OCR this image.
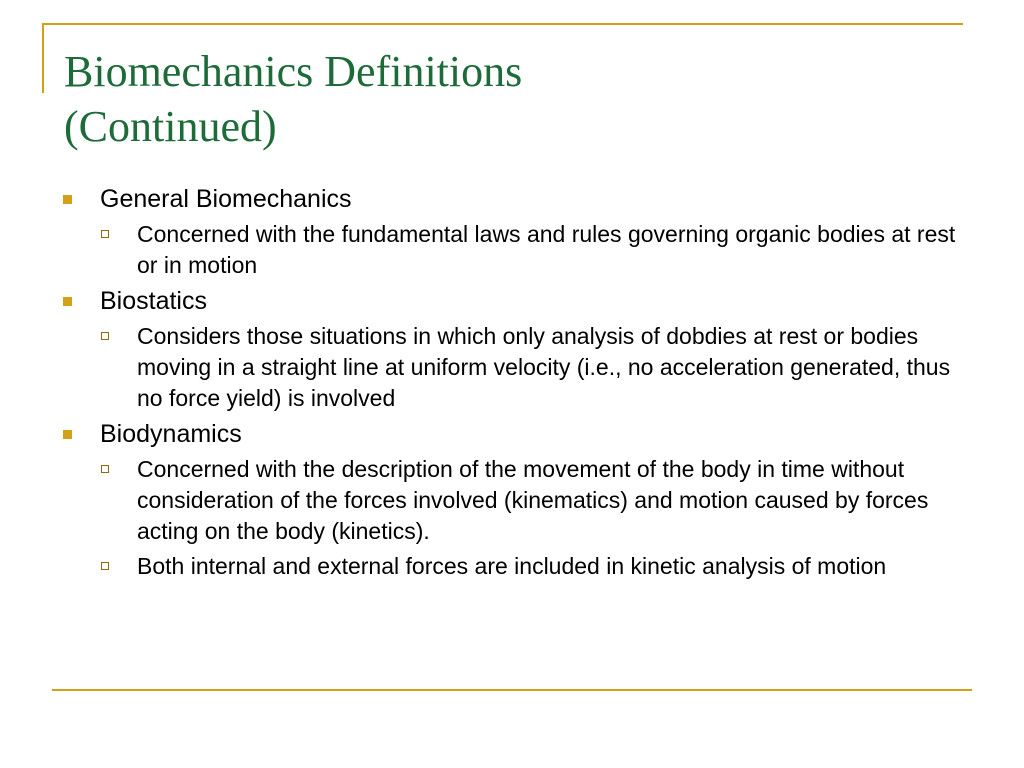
Biomechanics Definitions
(Continued)
General Biomechanics
Concerned with the fundamental laws and rules governing organic bodies at rest or in motion
Biostatics
Considers those situations in which only analysis of dobdies at rest or bodies moving in a straight line at uniform velocity (i.e., no acceleration generated, thus no force yield) is involved
Biodynamics
Concerned with the description of the movement of the body in time without consideration of the forces involved (kinematics) and motion caused by forces acting on the body (kinetics).
Both internal and external forces are included in kinetic analysis of motion
